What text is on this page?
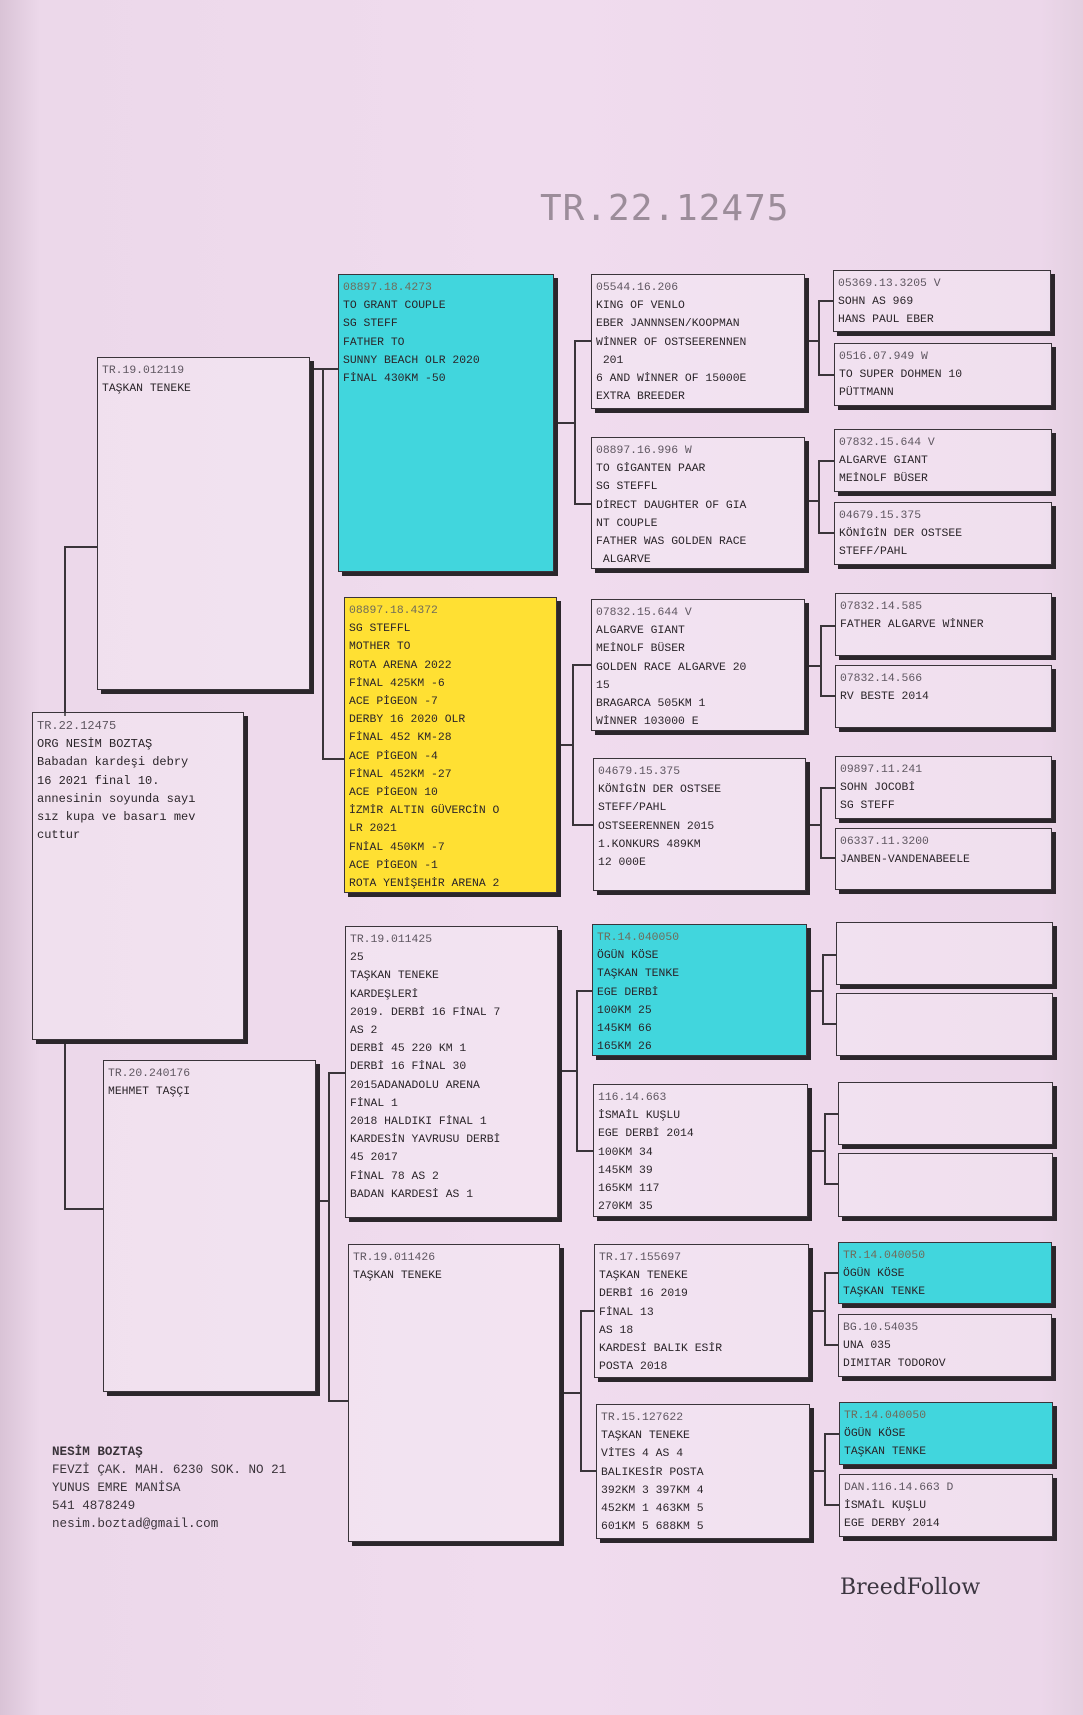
TR.22.12475
TR.22.12475
ORG NESİM BOZTAŞ
Babadan kardeşi debry
16 2021 final 10.
annesinin soyunda sayı
sız kupa ve basarı mev
cuttur
TR.19.012119
TAŞKAN TENEKE
TR.20.240176
MEHMET TAŞÇI
08897.18.4273
TO GRANT COUPLE
SG STEFF
FATHER TO
SUNNY BEACH OLR 2020
FİNAL 430KM -50
08897.18.4372
SG STEFFL
MOTHER TO
ROTA ARENA 2022
FİNAL 425KM -6
ACE PİGEON -7
DERBY 16 2020 OLR
FİNAL 452 KM-28
ACE PİGEON -4
FİNAL 452KM -27
ACE PİGEON 10
İZMİR ALTIN GÜVERCİN O
LR 2021
FNİAL 450KM -7
ACE PİGEON -1
ROTA YENİŞEHİR ARENA 2
TR.19.011425
25
TAŞKAN TENEKE
KARDEŞLERİ
2019. DERBİ 16 FİNAL 7
AS 2
DERBİ 45 220 KM 1
DERBİ 16 FİNAL 30
2015ADANADOLU ARENA
FİNAL 1
2018 HALDIKI FİNAL 1
KARDESİN YAVRUSU DERBİ
45 2017
FİNAL 78 AS 2
BADAN KARDESİ AS 1
TR.19.011426
TAŞKAN TENEKE
05544.16.206
KING OF VENLO
EBER JANNNSEN/KOOPMAN
WİNNER OF OSTSEERENNEN
201
6 AND WİNNER OF 15000E
EXTRA BREEDER
08897.16.996 W
TO GİGANTEN PAAR
SG STEFFL
DİRECT DAUGHTER OF GIA
NT COUPLE
FATHER WAS GOLDEN RACE
ALGARVE
07832.15.644 V
ALGARVE GIANT
MEİNOLF BÜSER
GOLDEN RACE ALGARVE 20
15
BRAGARCA 505KM 1
WİNNER 103000 E
04679.15.375
KÖNİGİN DER OSTSEE
STEFF/PAHL
OSTSEERENNEN 2015
1.KONKURS 489KM
12 000E
TR.14.040050
ÖGÜN KÖSE
TAŞKAN TENKE
EGE DERBİ
100KM 25
145KM 66
165KM 26
116.14.663
İSMAİL KUŞLU
EGE DERBİ 2014
100KM 34
145KM 39
165KM 117
270KM 35
TR.17.155697
TAŞKAN TENEKE
DERBİ 16 2019
FİNAL 13
AS 18
KARDESİ BALIK ESİR
POSTA 2018
TR.15.127622
TAŞKAN TENEKE
VİTES 4 AS 4
BALIKESİR POSTA
392KM 3 397KM 4
452KM 1 463KM 5
601KM 5 688KM 5
05369.13.3205 V
SOHN AS 969
HANS PAUL EBER
0516.07.949 W
TO SUPER DOHMEN 10
PÜTTMANN
07832.15.644 V
ALGARVE GIANT
MEİNOLF BÜSER
04679.15.375
KÖNİGİN DER OSTSEE
STEFF/PAHL
07832.14.585
FATHER ALGARVE WİNNER
07832.14.566
RV BESTE 2014
09897.11.241
SOHN JOCOBİ
SG STEFF
06337.11.3200
JANBEN-VANDENABEELE
TR.14.040050
ÖGÜN KÖSE
TAŞKAN TENKE
BG.10.54035
UNA 035
DIMITAR TODOROV
TR.14.040050
ÖGÜN KÖSE
TAŞKAN TENKE
DAN.116.14.663 D
İSMAİL KUŞLU
EGE DERBY 2014
NESİM BOZTAŞ
FEVZİ ÇAK. MAH. 6230 SOK. NO 21
YUNUS EMRE MANİSA
541 4878249
nesim.boztad@gmail.com
BreedFollow
